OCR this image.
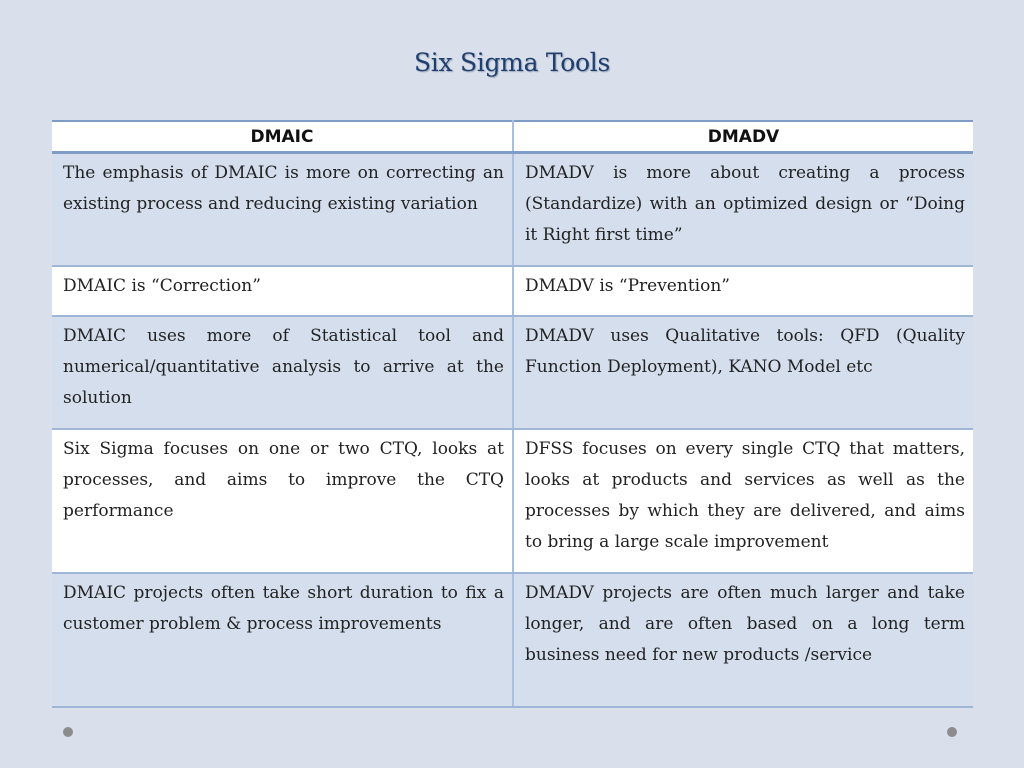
Six Sigma Tools
DMAIC	DMADV
The emphasis of DMAIC is more on correcting an existing process and reducing existing variation	DMADV is more about creating a process (Standardize) with an optimized design or “Doing it Right first time”
DMAIC is “Correction”	DMADV is “Prevention”
DMAIC uses more of Statistical tool and numerical/quantitative analysis to arrive at the solution	DMADV uses Qualitative tools: QFD (Quality Function Deployment), KANO Model etc
Six Sigma focuses on one or two CTQ, looks at processes, and aims to improve the CTQ performance	DFSS focuses on every single CTQ that matters, looks at products and services as well as the processes by which they are delivered, and aims to bring a large scale improvement
DMAIC projects often take short duration to fix a customer problem & process improvements	DMADV projects are often much larger and take longer, and are often based on a long term business need for new products /service
